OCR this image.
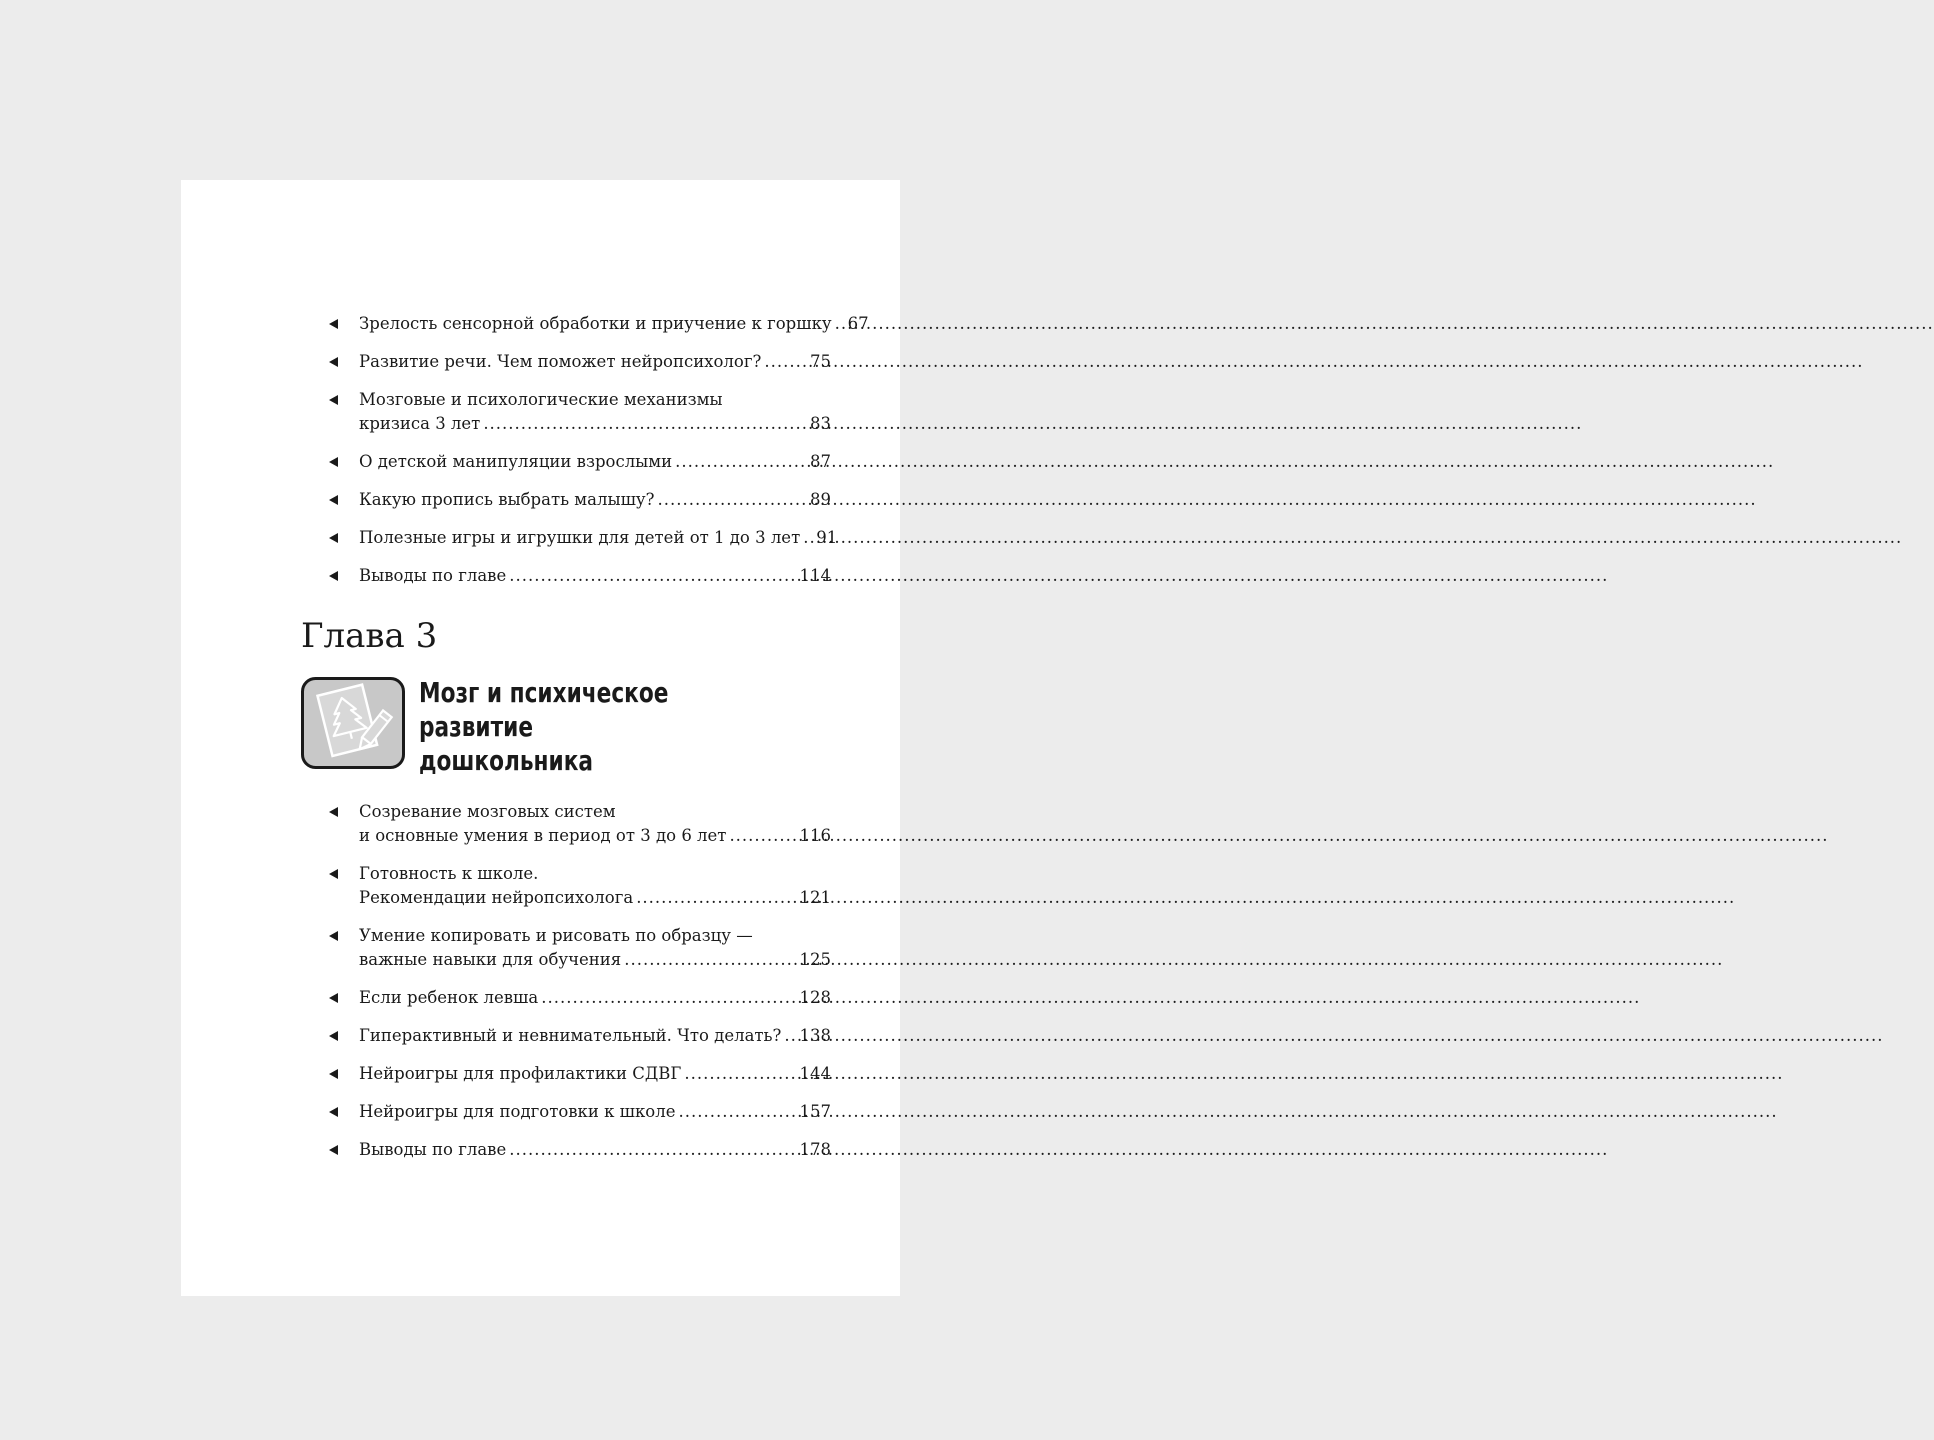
Зрелость сенсорной обработки и приучение к горшку ..... 67
Развитие речи. Чем поможет нейропсихолог? .....	75
Мозговые и психологические механизмы
кризиса 3 лет .....	83
О детской манипуляции взрослыми .....	87
Какую пропись выбрать малышу? .....	89
Полезные игры и игрушки для детей от 1 до 3 лет ..... 91
Выводы по главе .....	114
Глава 3
Мозг и психическое
развитие
дошкольника
Созревание мозговых систем
и основные умения в период от 3 до 6 лет .....	116
Готовность к школе.
Рекомендации нейропсихолога .....	121
Умение копировать и рисовать по образцу —
важные навыки для обучения .....	125
Если ребенок левша .....	128
Гиперактивный и невнимательный. Что делать? ..... 138
Нейроигры для профилактики СДВГ .....	144
Нейроигры для подготовки к школе .....	157
Выводы по главе .....	178
